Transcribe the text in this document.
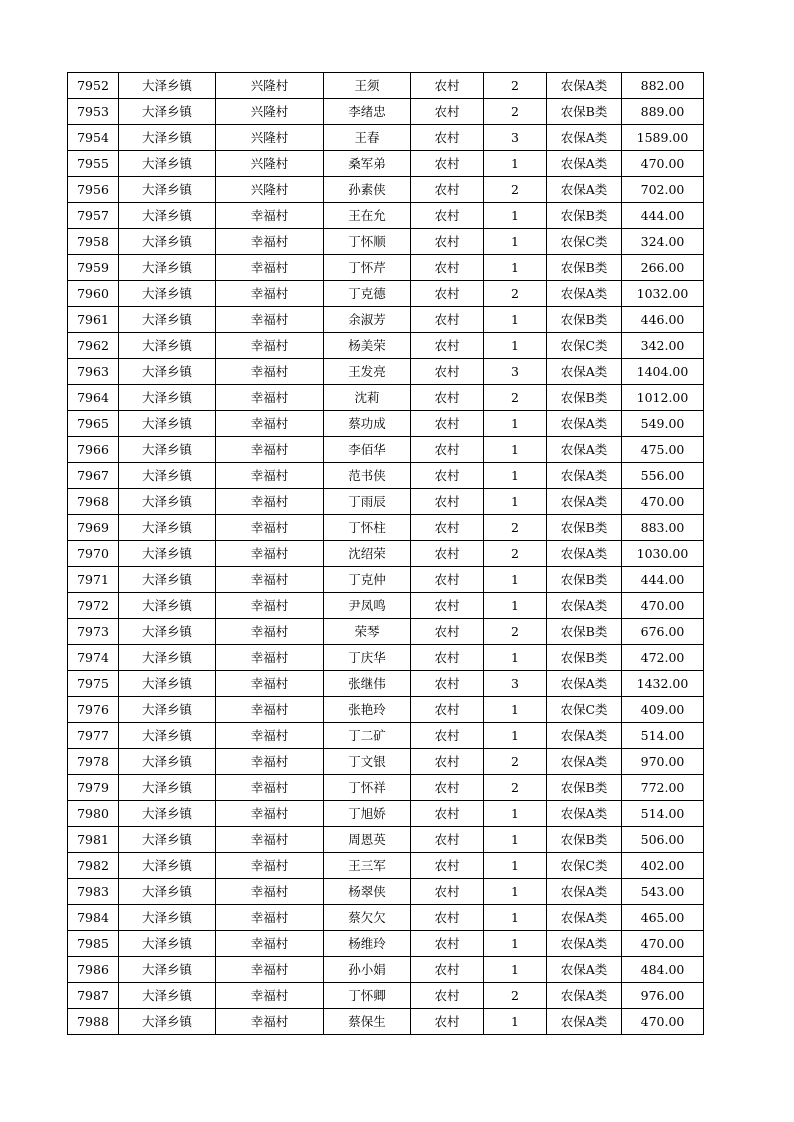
7952	大泽乡镇	兴隆村	王须	农村	2	农保A类	882.00
7953	大泽乡镇	兴隆村	李绪忠	农村	2	农保B类	889.00
7954	大泽乡镇	兴隆村	王春	农村	3	农保A类	1589.00
7955	大泽乡镇	兴隆村	桑军弟	农村	1	农保A类	470.00
7956	大泽乡镇	兴隆村	孙素侠	农村	2	农保A类	702.00
7957	大泽乡镇	幸福村	王在允	农村	1	农保B类	444.00
7958	大泽乡镇	幸福村	丁怀顺	农村	1	农保C类	324.00
7959	大泽乡镇	幸福村	丁怀芹	农村	1	农保B类	266.00
7960	大泽乡镇	幸福村	丁克德	农村	2	农保A类	1032.00
7961	大泽乡镇	幸福村	余淑芳	农村	1	农保B类	446.00
7962	大泽乡镇	幸福村	杨美荣	农村	1	农保C类	342.00
7963	大泽乡镇	幸福村	王发亮	农村	3	农保A类	1404.00
7964	大泽乡镇	幸福村	沈莉	农村	2	农保B类	1012.00
7965	大泽乡镇	幸福村	蔡功成	农村	1	农保A类	549.00
7966	大泽乡镇	幸福村	李佰华	农村	1	农保A类	475.00
7967	大泽乡镇	幸福村	范书侠	农村	1	农保A类	556.00
7968	大泽乡镇	幸福村	丁雨辰	农村	1	农保A类	470.00
7969	大泽乡镇	幸福村	丁怀柱	农村	2	农保B类	883.00
7970	大泽乡镇	幸福村	沈绍荣	农村	2	农保A类	1030.00
7971	大泽乡镇	幸福村	丁克仲	农村	1	农保B类	444.00
7972	大泽乡镇	幸福村	尹凤鸣	农村	1	农保A类	470.00
7973	大泽乡镇	幸福村	荣琴	农村	2	农保B类	676.00
7974	大泽乡镇	幸福村	丁庆华	农村	1	农保B类	472.00
7975	大泽乡镇	幸福村	张继伟	农村	3	农保A类	1432.00
7976	大泽乡镇	幸福村	张艳玲	农村	1	农保C类	409.00
7977	大泽乡镇	幸福村	丁二矿	农村	1	农保A类	514.00
7978	大泽乡镇	幸福村	丁文银	农村	2	农保A类	970.00
7979	大泽乡镇	幸福村	丁怀祥	农村	2	农保B类	772.00
7980	大泽乡镇	幸福村	丁旭娇	农村	1	农保A类	514.00
7981	大泽乡镇	幸福村	周恩英	农村	1	农保B类	506.00
7982	大泽乡镇	幸福村	王三军	农村	1	农保C类	402.00
7983	大泽乡镇	幸福村	杨翠侠	农村	1	农保A类	543.00
7984	大泽乡镇	幸福村	蔡欠欠	农村	1	农保A类	465.00
7985	大泽乡镇	幸福村	杨维玲	农村	1	农保A类	470.00
7986	大泽乡镇	幸福村	孙小娟	农村	1	农保A类	484.00
7987	大泽乡镇	幸福村	丁怀卿	农村	2	农保A类	976.00
7988	大泽乡镇	幸福村	蔡保生	农村	1	农保A类	470.00
